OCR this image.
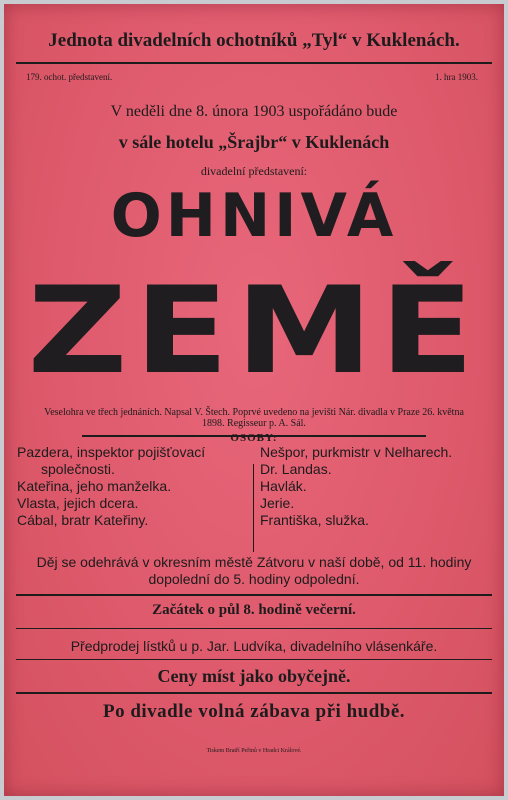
Jednota divadelních ochotníků „Tyl“ v Kuklenách.
179. ochot. představení.	1. hra 1903.
V neděli dne 8. února 1903 uspořádáno bude
v sále hotelu „Šrajbr“ v Kuklenách
divadelní představení:
OHNIVÁ
ZEMĚ
Veselohra ve třech jednáních. Napsal V. Štech. Poprvé uvedeno na jevišti Nár. divadla v Praze 26. května 1898. Regisseur p. A. Sál.
OSOBY:
Pazdera, inspektor pojišťovací
společnosti.
Kateřina, jeho manželka.
Vlasta, jejich dcera.
Cábal, bratr Kateřiny.
Nešpor, purkmistr v Nelharech.
Dr. Landas.
Havlák.
Jerie.
Františka, služka.
Děj se odehrává v okresním městě Zátvoru v naší době, od 11. hodiny dopolední do 5. hodiny odpolední.
Začátek o půl 8. hodině večerní.
Předprodej lístků u p. Jar. Ludvíka, divadelního vlásenkáře.
Ceny míst jako obyčejně.
Po divadle volná zábava při hudbě.
Tiskem Bratří Peřinů v Hradci Králové.
